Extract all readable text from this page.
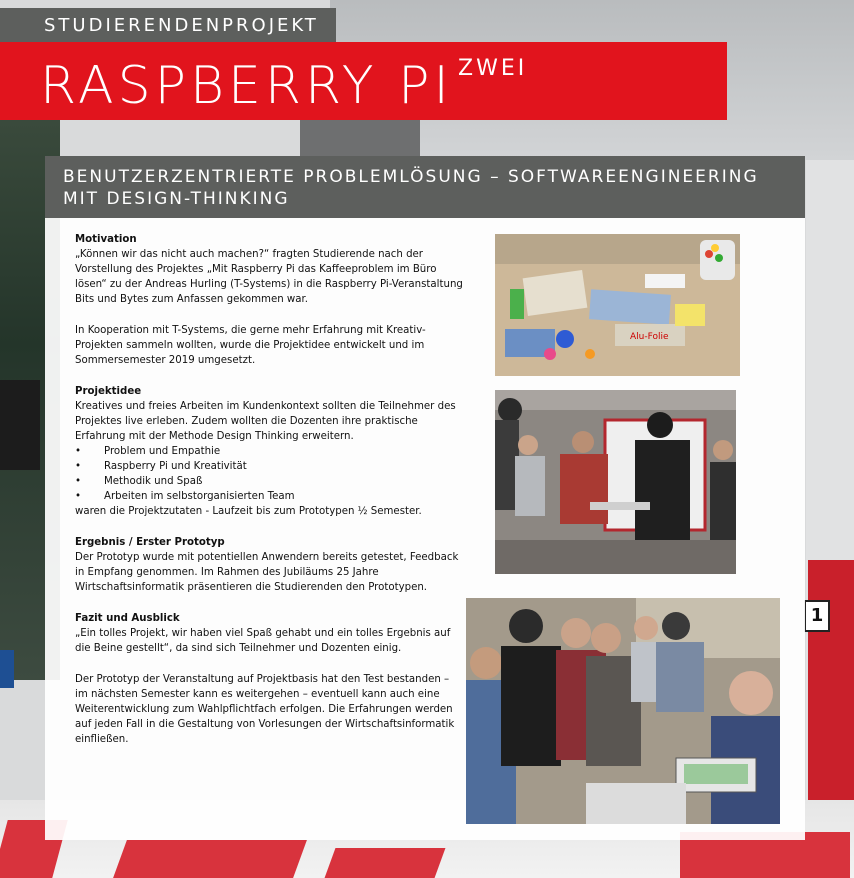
1
STUDIERENDENPROJEKT
RASPBERRY PI ZWEI
BENUTZERZENTRIERTE PROBLEMLÖSUNG – SOFTWAREENGINEERING
MIT DESIGN-THINKING

Motivation

„Können wir das nicht auch machen?“ fragten Studierende nach der Vorstellung des Projektes „Mit Raspberry Pi das Kaffeeproblem im Büro lösen“ zu der Andreas Hurling (T-Systems) in die Raspberry Pi-Veranstaltung Bits und Bytes zum Anfassen gekommen war.

In Kooperation mit T-Systems, die gerne mehr Erfahrung mit Kreativ-Projekten sammeln wollten, wurde die Projektidee entwickelt und im Sommersemester 2019 umgesetzt.

Projektidee

Kreatives und freies Arbeiten im Kundenkontext sollten die Teilnehmer des Projektes live erleben. Zudem wollten die Dozenten ihre praktische Erfahrung mit der Methode Design Thinking erweitern.

• Problem und Empathie
• Raspberry Pi und Kreativität
• Methodik und Spaß
• Arbeiten im selbstorganisierten Team

waren die Projektzutaten - Laufzeit bis zum Prototypen ½ Semester.

Ergebnis / Erster Prototyp

Der Prototyp wurde mit potentiellen Anwendern bereits getestet, Feedback in Empfang genommen. Im Rahmen des Jubiläums 25 Jahre Wirtschaftsinformatik präsentieren die Studierenden den Prototypen.

Fazit und Ausblick

„Ein tolles Projekt, wir haben viel Spaß gehabt und ein tolles Ergebnis auf die Beine gestellt“, da sind sich Teilnehmer und Dozenten einig.

Der Prototyp der Veranstaltung auf Projektbasis hat den Test bestanden – im nächsten Semester kann es weitergehen – eventuell kann auch eine Weiterentwicklung zum Wahlpflichtfach erfolgen. Die Erfahrungen werden auf jeden Fall in die Gestaltung von Vorlesungen der Wirtschaftsinformatik einfließen.

Alu-Folie
